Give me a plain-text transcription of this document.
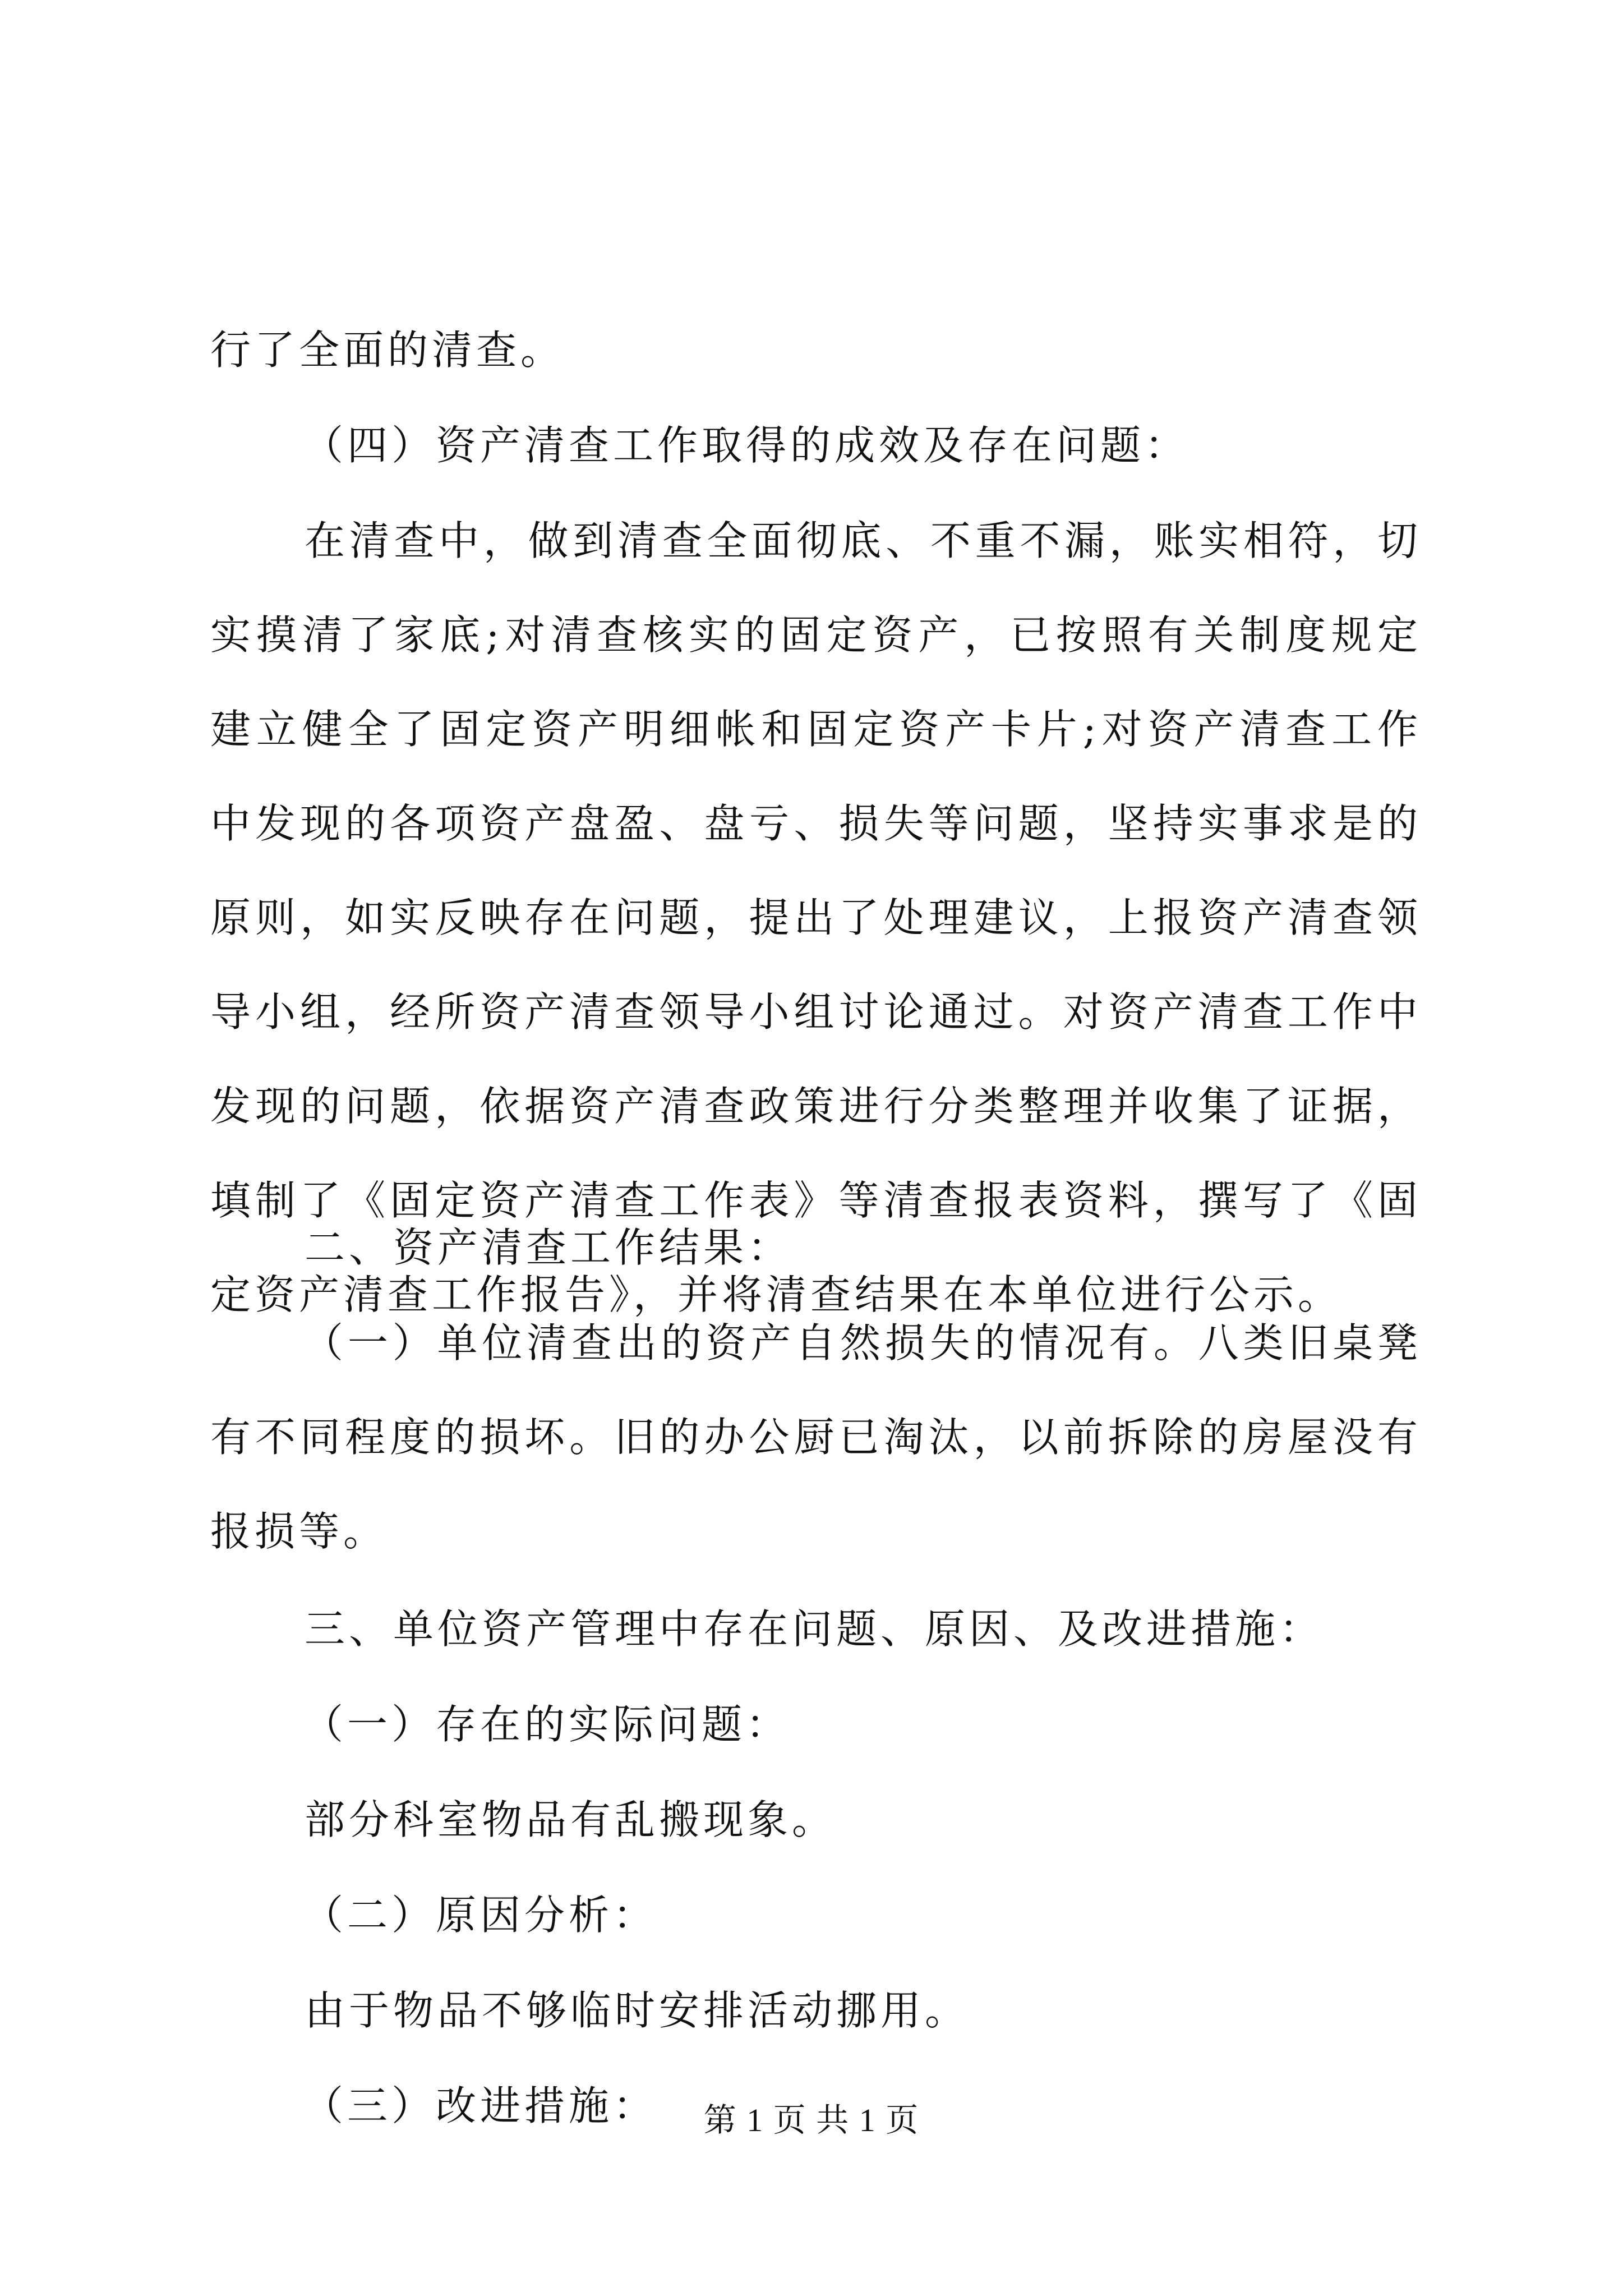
行了全面的清查。

（四）资产清查工作取得的成效及存在问题：

在清查中，做到清查全面彻底、不重不漏，账实相符，切实摸清了家底;对清查核实的固定资产，已按照有关制度规定建立健全了固定资产明细帐和固定资产卡片;对资产清查工作中发现的各项资产盘盈、盘亏、损失等问题，坚持实事求是的原则，如实反映存在问题，提出了处理建议，上报资产清查领导小组，经所资产清查领导小组讨论通过。对资产清查工作中发现的问题，依据资产清查政策进行分类整理并收集了证据，填制了《固定资产清查工作表》等清查报表资料，撰写了《固定资产清查工作报告》，并将清查结果在本单位进行公示。

二、资产清查工作结果：

（一）单位清查出的资产自然损失的情况有。八类旧桌凳有不同程度的损坏。旧的办公厨已淘汰，以前拆除的房屋没有报损等。

三、单位资产管理中存在问题、原因、及改进措施：

（一）存在的实际问题：

部分科室物品有乱搬现象。

（二）原因分析：

由于物品不够临时安排活动挪用。

（三）改进措施：	第 1 页 共 1 页
